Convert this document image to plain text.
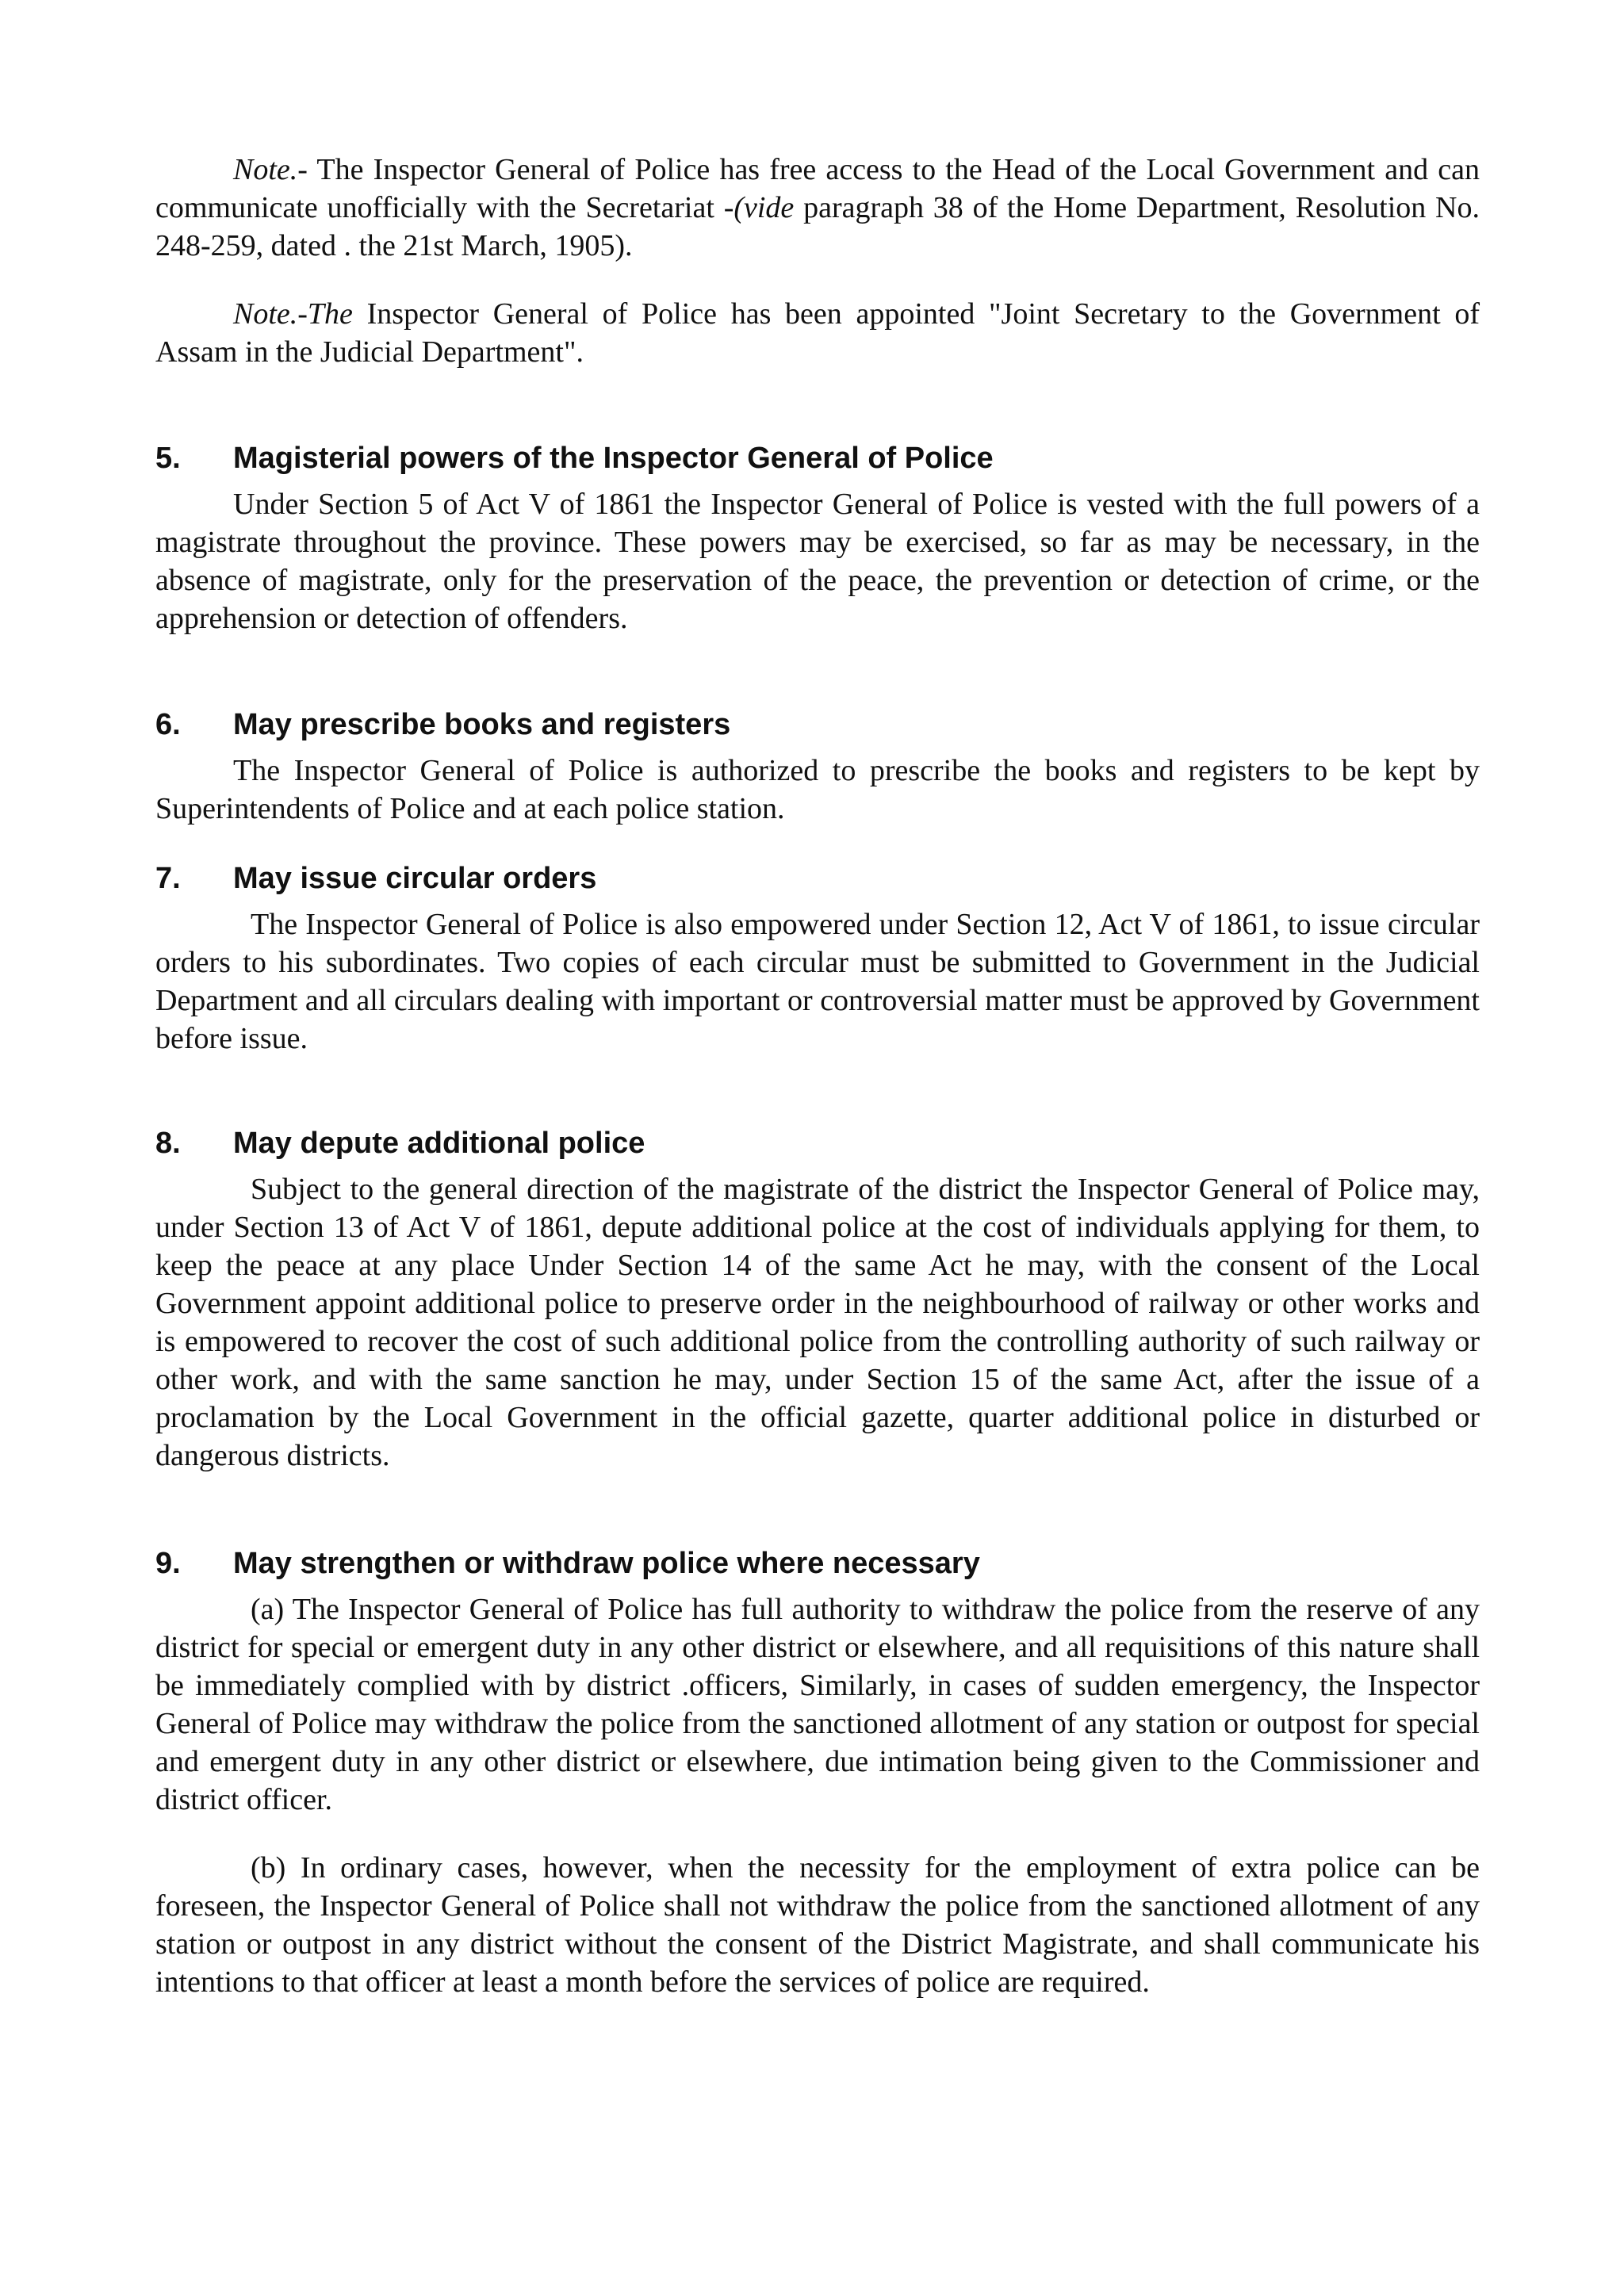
Note.- The Inspector General of Police has free access to the Head of the Local Government and can communicate unofficially with the Secretariat -(vide paragraph 38 of the Home Department, Resolution No. 248-259, dated . the 21st March, 1905).

Note.-The Inspector General of Police has been appointed "Joint Secretary to the Government of Assam in the Judicial Department".

5.	Magisterial powers of the Inspector General of Police

Under Section 5 of Act V of 1861 the Inspector General of Police is vested with the full powers of a magistrate throughout the province. These powers may be exercised, so far as may be necessary, in the absence of magistrate, only for the preservation of the peace, the prevention or detection of crime, or the apprehension or detection of offenders.

6.	May prescribe books and registers

The Inspector General of Police is authorized to prescribe the books and registers to be kept by Superintendents of Police and at each police station.

7.	May issue circular orders

The Inspector General of Police is also empowered under Section 12, Act V of 1861, to issue circular orders to his subordinates. Two copies of each circular must be submitted to Government in the Judicial Department and all circulars dealing with important or controversial matter must be approved by Government before issue.

8.	May depute additional police

Subject to the general direction of the magistrate of the district the Inspector General of Police may, under Section 13 of Act V of 1861, depute additional police at the cost of individuals applying for them, to keep the peace at any place Under Section 14 of the same Act he may, with the consent of the Local Government appoint additional police to preserve order in the neighbourhood of railway or other works and is empowered to recover the cost of such additional police from the controlling authority of such railway or other work, and with the same sanction he may, under Section 15 of the same Act, after the issue of a proclamation by the Local Government in the official gazette, quarter additional police in disturbed or dangerous districts.

9.	May strengthen or withdraw police where necessary

(a) The Inspector General of Police has full authority to withdraw the police from the reserve of any district for special or emergent duty in any other district or elsewhere, and all requisitions of this nature shall be immediately complied with by district .officers, Similarly, in cases of sudden emergency, the Inspector General of Police may withdraw the police from the sanctioned allotment of any station or outpost for special and emergent duty in any other district or elsewhere, due intimation being given to the Commissioner and district officer.

(b) In ordinary cases, however, when the necessity for the employment of extra police can be foreseen, the Inspector General of Police shall not withdraw the police from the sanctioned allotment of any station or outpost in any district without the consent of the District Magistrate, and shall communicate his intentions to that officer at least a month before the services of police are required.
